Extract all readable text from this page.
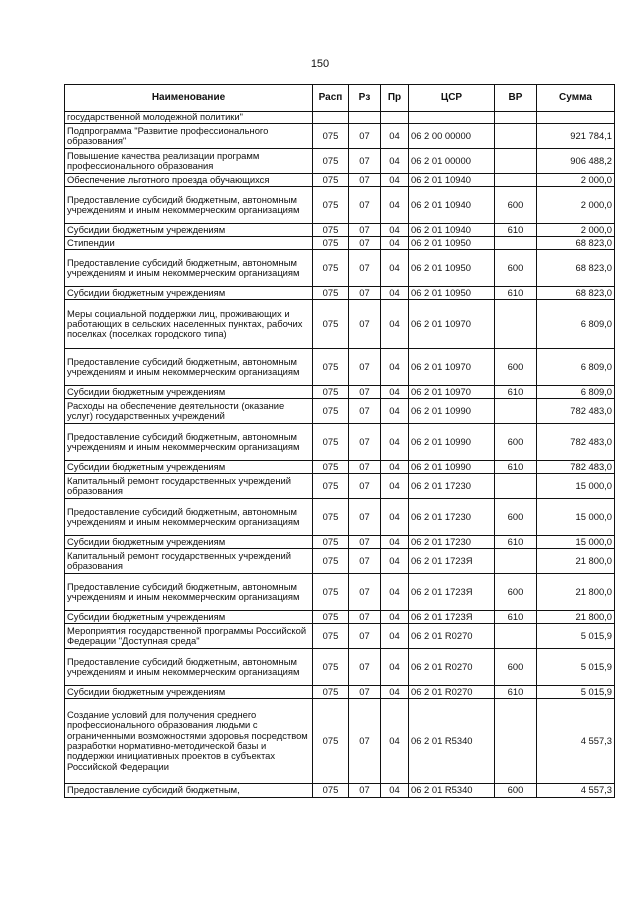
150
Наименование	Расп	Рз	Пр	ЦСР	ВР	Сумма
государственной молодежной политики"						
Подпрограмма "Развитие профессионального образования"	075	07	04	06 2 00 00000		921 784,1
Повышение качества реализации программ профессионального образования	075	07	04	06 2 01 00000		906 488,2
Обеспечение льготного проезда обучающихся	075	07	04	06 2 01 10940		2 000,0
Предоставление субсидий бюджетным, автономным учреждениям и иным некоммерческим организациям	075	07	04	06 2 01 10940	600	2 000,0
Субсидии бюджетным учреждениям	075	07	04	06 2 01 10940	610	2 000,0
Стипендии	075	07	04	06 2 01 10950		68 823,0
Предоставление субсидий бюджетным, автономным учреждениям и иным некоммерческим организациям	075	07	04	06 2 01 10950	600	68 823,0
Субсидии бюджетным учреждениям	075	07	04	06 2 01 10950	610	68 823,0
Меры социальной поддержки лиц, проживающих и работающих в сельских населенных пунктах, рабочих поселках (поселках городского типа)	075	07	04	06 2 01 10970		6 809,0
Предоставление субсидий бюджетным, автономным учреждениям и иным некоммерческим организациям	075	07	04	06 2 01 10970	600	6 809,0
Субсидии бюджетным учреждениям	075	07	04	06 2 01 10970	610	6 809,0
Расходы на обеспечение деятельности (оказание услуг) государственных учреждений	075	07	04	06 2 01 10990		782 483,0
Предоставление субсидий бюджетным, автономным учреждениям и иным некоммерческим организациям	075	07	04	06 2 01 10990	600	782 483,0
Субсидии бюджетным учреждениям	075	07	04	06 2 01 10990	610	782 483,0
Капитальный ремонт государственных учреждений образования	075	07	04	06 2 01 17230		15 000,0
Предоставление субсидий бюджетным, автономным учреждениям и иным некоммерческим организациям	075	07	04	06 2 01 17230	600	15 000,0
Субсидии бюджетным учреждениям	075	07	04	06 2 01 17230	610	15 000,0
Капитальный ремонт государственных учреждений образования	075	07	04	06 2 01 1723Я		21 800,0
Предоставление субсидий бюджетным, автономным учреждениям и иным некоммерческим организациям	075	07	04	06 2 01 1723Я	600	21 800,0
Субсидии бюджетным учреждениям	075	07	04	06 2 01 1723Я	610	21 800,0
Мероприятия государственной программы Российской Федерации "Доступная среда"	075	07	04	06 2 01 R0270		5 015,9
Предоставление субсидий бюджетным, автономным учреждениям и иным некоммерческим организациям	075	07	04	06 2 01 R0270	600	5 015,9
Субсидии бюджетным учреждениям	075	07	04	06 2 01 R0270	610	5 015,9
Создание условий для получения среднего профессионального образования людьми с ограниченными возможностями здоровья посредством разработки нормативно-методической базы и поддержки инициативных проектов в субъектах Российской Федерации	075	07	04	06 2 01 R5340		4 557,3
Предоставление субсидий бюджетным,	075	07	04	06 2 01 R5340	600	4 557,3
